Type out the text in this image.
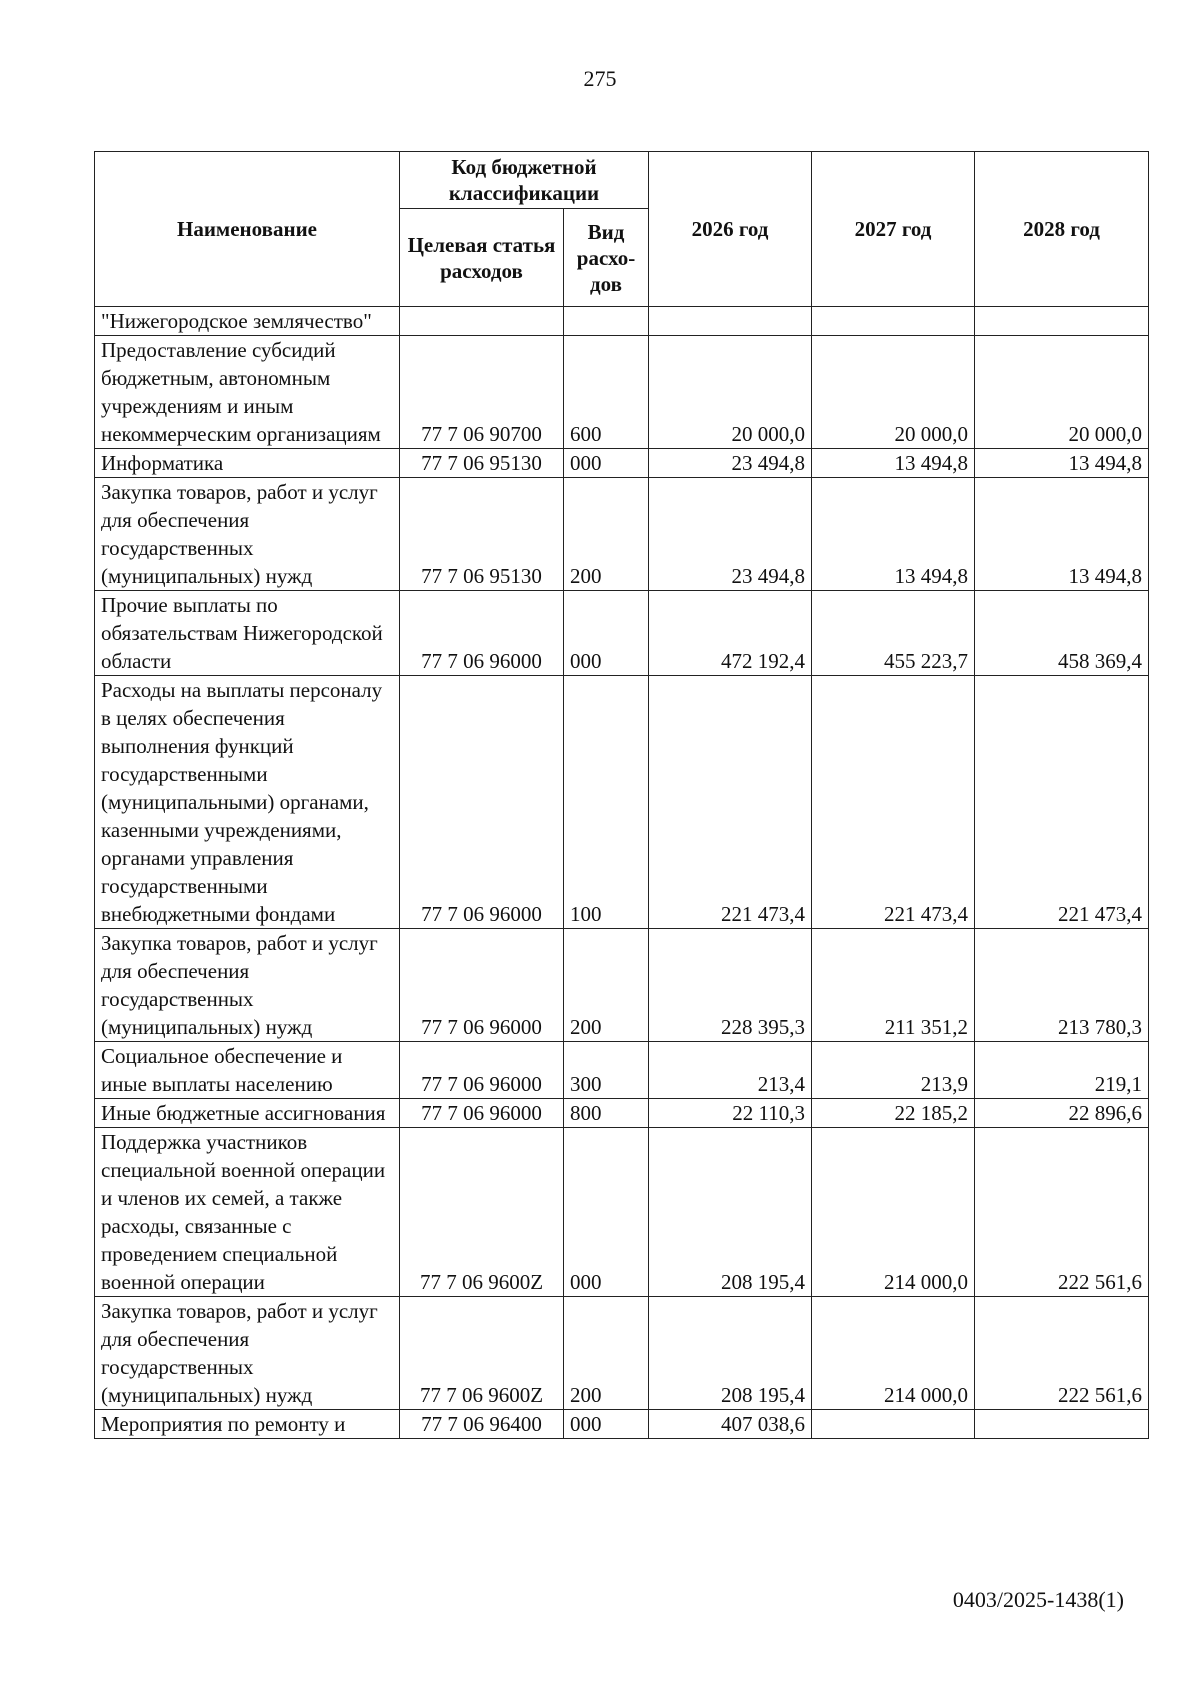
275
Наименование	Код бюджетной классификации		2026 год	2027 год	2028 год
	Целевая статья расходов	Вид расхо-дов			
"Нижегородское землячество"					
Предоставление субсидий бюджетным, автономным учреждениям и иным некоммерческим организациям	77 7 06 90700	600	20 000,0	20 000,0	20 000,0
Информатика	77 7 06 95130	000	23 494,8	13 494,8	13 494,8
Закупка товаров, работ и услуг для обеспечения государственных (муниципальных) нужд	77 7 06 95130	200	23 494,8	13 494,8	13 494,8
Прочие выплаты по обязательствам Нижегородской области	77 7 06 96000	000	472 192,4	455 223,7	458 369,4
Расходы на выплаты персоналу в целях обеспечения выполнения функций государственными (муниципальными) органами, казенными учреждениями, органами управления государственными внебюджетными фондами	77 7 06 96000	100	221 473,4	221 473,4	221 473,4
Закупка товаров, работ и услуг для обеспечения государственных (муниципальных) нужд	77 7 06 96000	200	228 395,3	211 351,2	213 780,3
Социальное обеспечение и иные выплаты населению	77 7 06 96000	300	213,4	213,9	219,1
Иные бюджетные ассигнования	77 7 06 96000	800	22 110,3	22 185,2	22 896,6
Поддержка участников специальной военной операции и членов их семей, а также расходы, связанные с проведением специальной военной операции	77 7 06 9600Z	000	208 195,4	214 000,0	222 561,6
Закупка товаров, работ и услуг для обеспечения государственных (муниципальных) нужд	77 7 06 9600Z	200	208 195,4	214 000,0	222 561,6
Мероприятия по ремонту и	77 7 06 96400	000	407 038,6		
0403/2025-1438(1)
